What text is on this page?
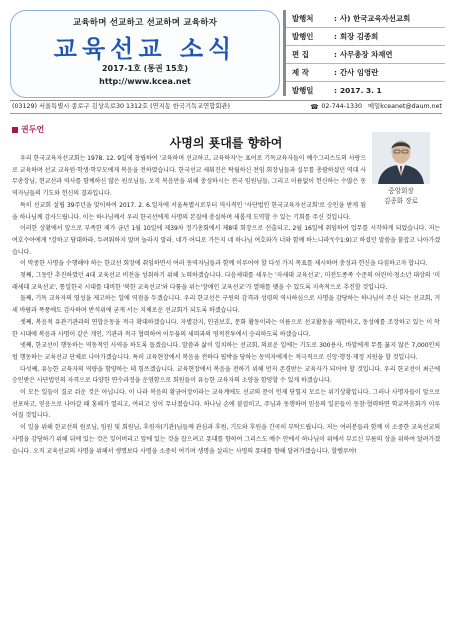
교육하며 선교하고 선교하며 교육하자
교육선교 소식
2017-1호 (통권 15호)
http://www.kcea.net
발행처	: 사) 한국교육자선교회
발행인	: 회장 김종희
편 집	: 사무총장 차재연
제 작	: 간사 임영란
발행일	: 2017. 3. 1
(03129) 서울특별시 종로구 김상옥로30 1312호 (연지동 한국기독교연합회관)	☎ 02-744-1330 메일kceanet@daum.net
권두언
사명의 푯대를 향하여
중앙회장
김종화 장로

우리 한국교육자선교회는 1978. 12. 9일에 창립하여 '교육하며 선교하고, 교육하자'는 표어로 기독교육자들이 예수그리스도의 사랑으로 교육하며 선교 교육원·학생·학부모에게 복음을 전하였습니다. 한국선교 세워진은 탁월하신 전임 회장님들과 실무를 총괄하셨던 역대 사무총장님, 현교선과 역사를 함께하신 많은 원로님들, 오직 복음만을 위해 충성하시는 전국 임원님들, 그리고 이름없이 헌신하는 수많은 동역자님들의 기도와 헌신의 결과입니다.

특히 선교회 설립 39주년을 맞이하여 2017. 2. 6.일자에 서울특별시로부터 역사적인 '사단법인 한국교육자선교회'로 승인을 받게 됨을 하나님께 감사드립니다. 이는 하나님께서 우리 한국선에게 사명의 본질에 충실하며 새롭게 도약할 수 있는 기회를 주신 것입니다.

이러한 상황에서 앞으로 부족한 제가 금년 1월 10일에 제39차 정기총회에서 제8대 회장으로 선출되고, 2월 16일에 취임하여 업무를 시작하게 되었습니다. 저는 여호수아에게 "강하고 담대하라. 두려워하지 말며 놀라지 말라. 네가 어디로 가든지 네 하나님 여호와가 너와 함께 하느니라"(수1:9)고 하셨던 말씀을 붙잡고 나아가겠습니다.

이 막중한 사명을 수행해야 하는 한교선 회장에 취임하면서 여러 동역자님들과 함께 이루어야 할 다섯 가지 목표를 제시하며 충성과 헌신을 다짐하고자 합니다.

첫째, 그동안 추진하였던 4대 교육선교 비전을 성취하기 위해 노력하겠습니다. 다음세대를 세우는 '자세대 교육선교', 미전도종족 수준의 어린이·청소년 대상의 '미래세대 교육선교', 통일한국 시대를 대비한 '북한 교육선교'와 다툼을 위는'장애인 교육선교'가 열매를 맺을 수 있도록 지속적으로 추진할 것입니다.

둘째, 기독 교육자의 영성을 제고하는 일에 역점을 두겠습니다. 우리 한교선은 구원의 감격과 성령의 역사하심으로 사명을 감당하는 하나님이 주신 되는 선교회, 거세 바람과 폭풍에도 감사하며 반석위에 굳게 서는 지체로운 선교회가 되도록 하겠습니다.

셋째, 복음적 유관기관과의 연합운동을 적극 확대하겠습니다. 자별감지, 인권보호, 문화 활동이라는 이름으로 선교활동을 제한하고, 동성애를 조장하고 있는 이 악한 시대에 복음과 사명이 같은 개인, 기관과 적극 협력하여 어두움의 세력과의 영적전투에서 승리하도록 하겠습니다.

넷째, 한교선이 행동하는 역동적인 사역을 하도록 돕겠습니다. 말씀과 삶이 일치하는 선교회, 의료운 일에는 기도로 300용사, 바알에게 무릎 꿇지 않은 7,000인처럼 행동하는 교육선교 단체로 나아가겠습니다. 특히 교육현장에서 복음을 전하다 핍박을 당하는 동역자에게는 적극적으로 신앙·행정·재정 지원을 할 것입니다.

다섯째, 유능한 교육자의 역량을 함양하는 데 힘쓰겠습니다. 교육현장에서 복음을 전하기 위해 먼저 존경받는 교육자가 되어야 할 것입니다. 우리 한교선이 최근에 승인받은 사단법인의 자격으로 다양한 연수과정을 운영함으로 회원들이 유능한 교육자의 소양을 함양할 수 있게 하겠습니다.

이 모든 일들이 결코 쉬운 것은 아닙니다. 이 나라 복음의 황금어장이라는 교육계에도 선교의 문이 언제 닫힐지 모르는 위기상황입니다. 그러나 사명자들이 앞으로 선포하고, 믿음으로 나아갈 때 홍해가 열리고, 여리고 성이 무너졌습니다. 하나님 손에 붙잡히고, 주님과 동행하며 믿음의 일꾼들이 동참·협력하면 학교복음화가 이루어질 것입니다.

이 일을 위해 한교선의 원로님, 임원 및 회원님, 후원자(기관)님들께 관심과 후원, 기도와 후원을 간곡히 부탁드립니다. 저는 여러분들과 함께 이 소중한 교육선교의 사명을 감당하기 위해 뒤에 있는 것은 잊어버리고 앞에 있는 것을 잡으려고 푯대를 향하여 그리스도 예수 안에서 하나님이 위에서 부르신 부름의 상을 위하여 달려가겠습니다. 오직 교육선교의 사명을 위해서 생명보다 사명을 소중히 여기며 생명을 살리는 사명의 푯대를 향해 달려가겠습니다. 할렐루야!
